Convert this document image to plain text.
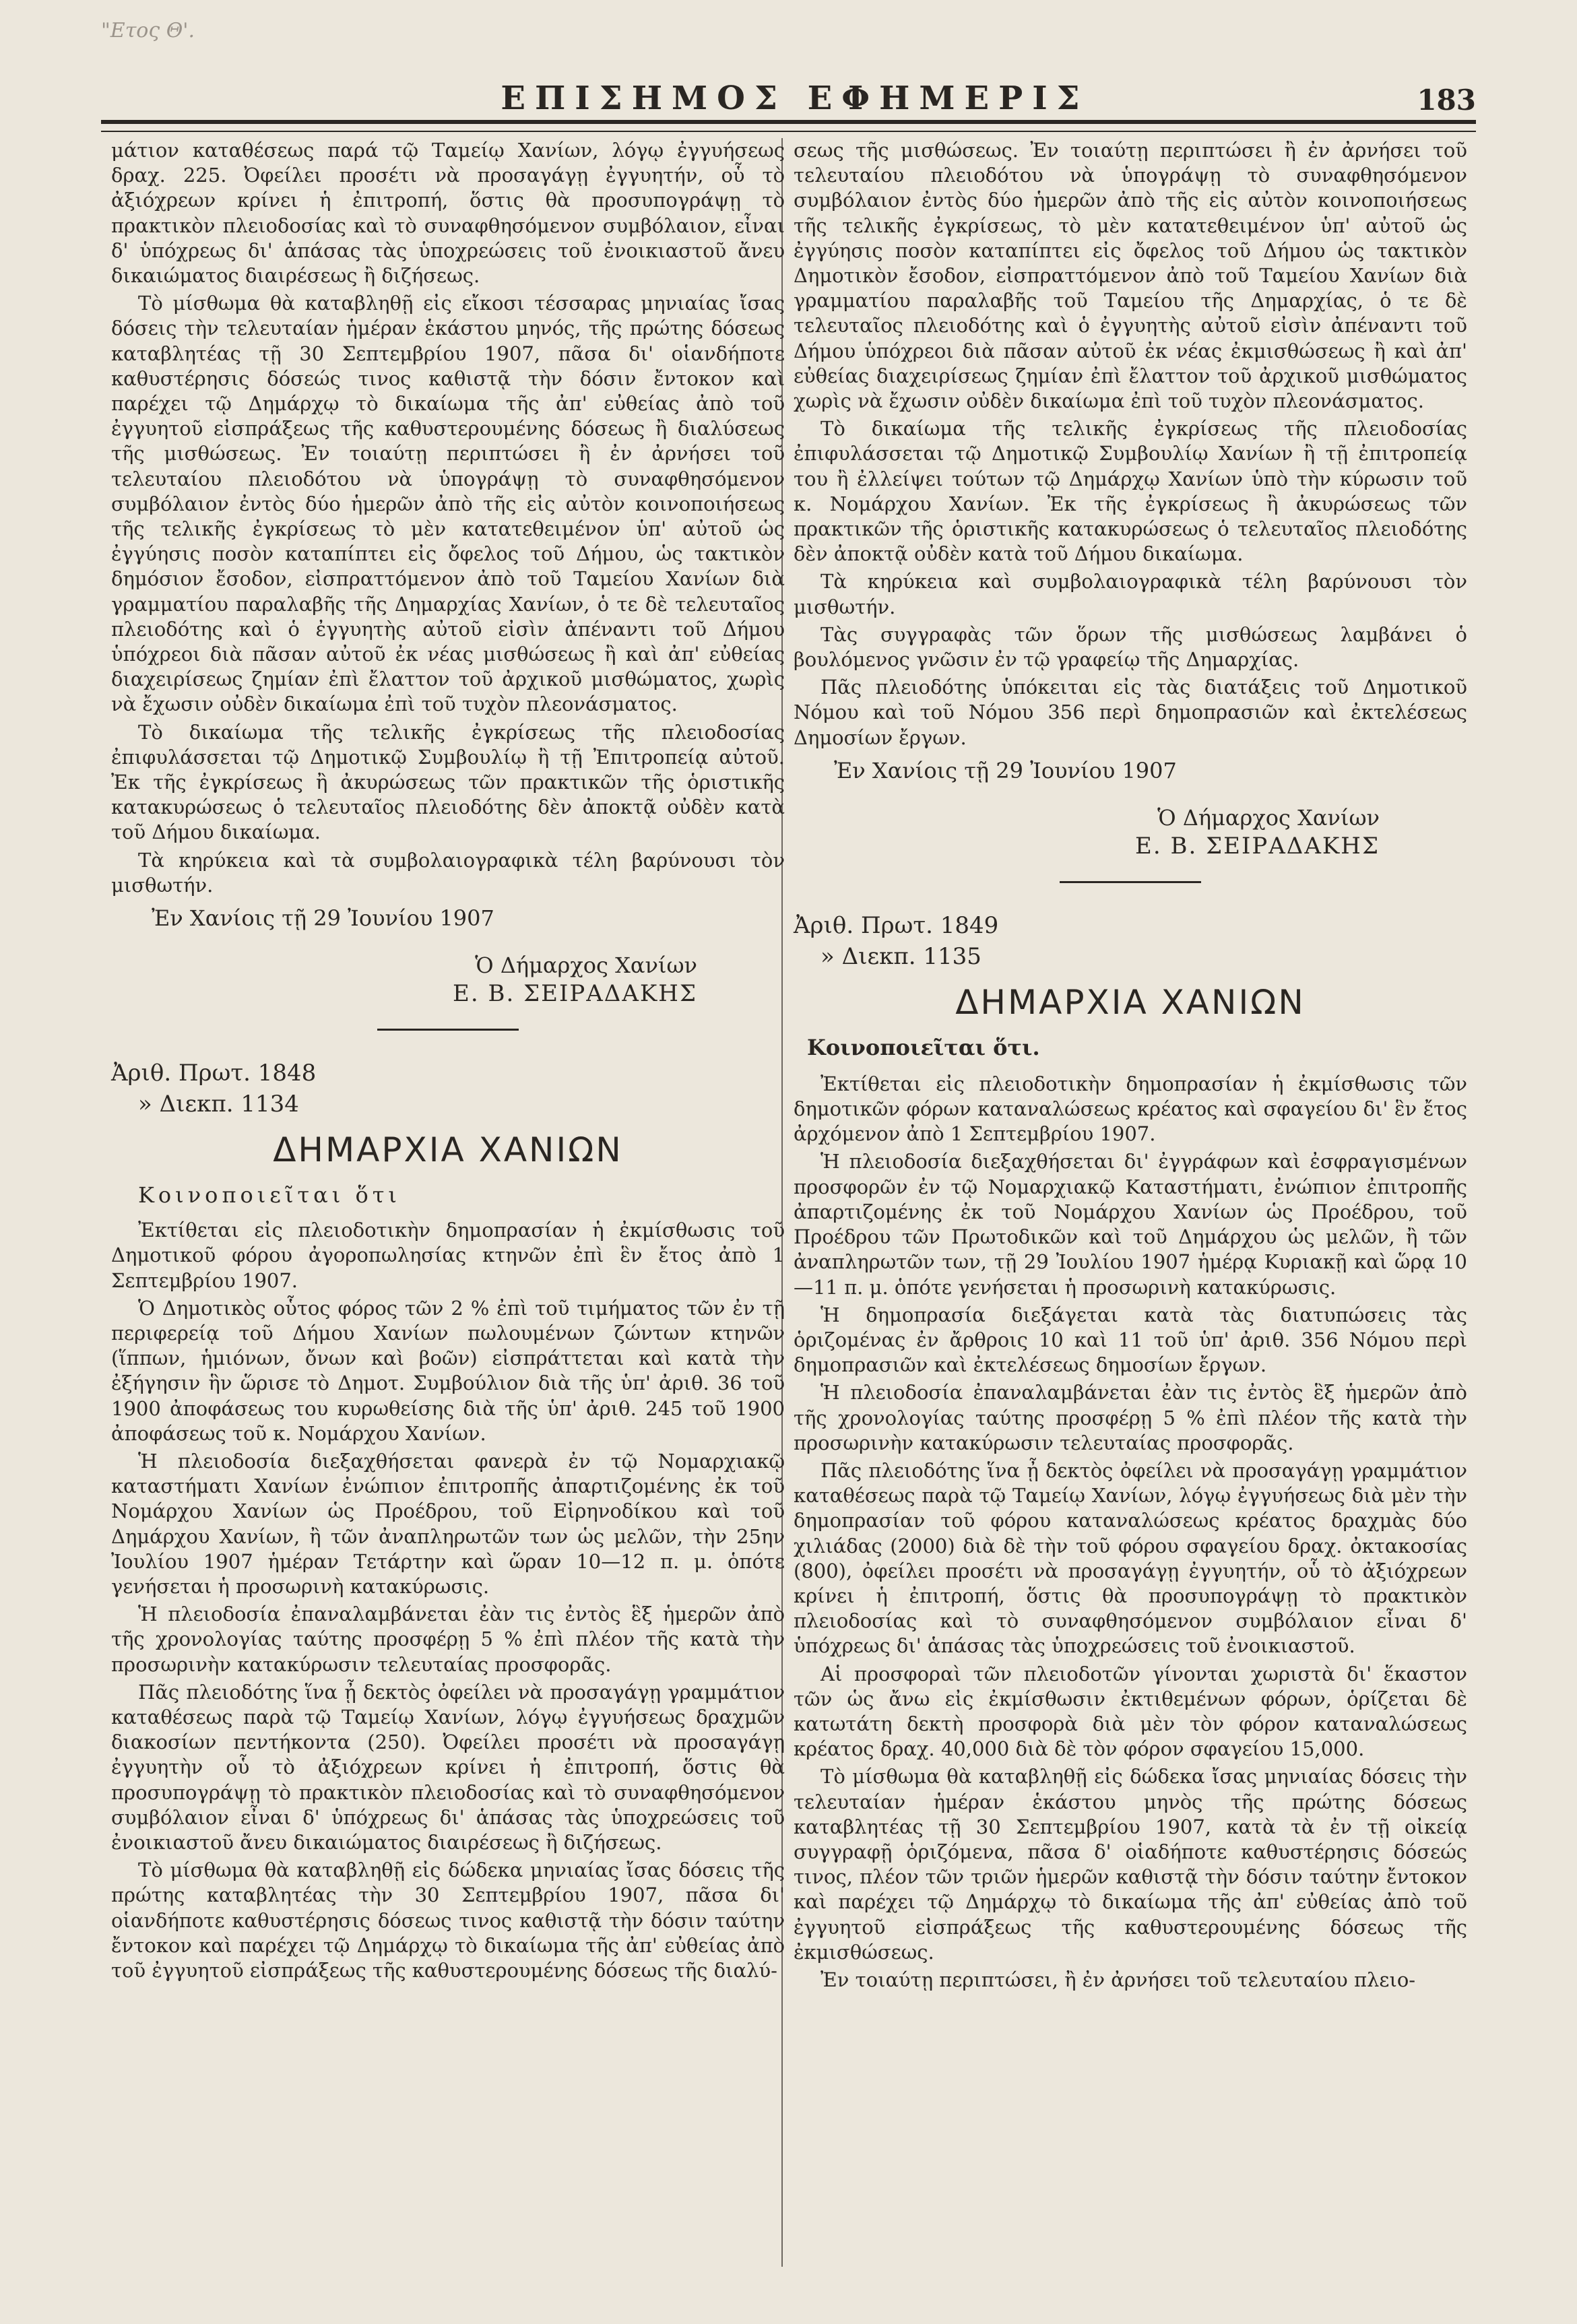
"Ετος Θ'.
ΕΠΙΣΗΜΟΣ ΕΦΗΜΕΡΙΣ	183

μάτιον καταθέσεως παρά τῷ Ταμείῳ Χανίων, λόγῳ ἐγγυήσεως δραχ. 225. Ὀφείλει προσέτι νὰ προσαγάγῃ ἐγγυητήν, οὗ τὸ ἀξιόχρεων κρίνει ἡ ἐπιτροπή, ὅστις θὰ προσυπογράψῃ τὸ πρακτικὸν πλειοδοσίας καὶ τὸ συναφθησόμενον συμβόλαιον, εἶναι δ' ὑπόχρεως δι' ἁπάσας τὰς ὑποχρεώσεις τοῦ ἐνοικιαστοῦ ἄνευ δικαιώματος διαιρέσεως ἢ διζήσεως.

Τὸ μίσθωμα θὰ καταβληθῇ εἰς εἴκοσι τέσσαρας μηνιαίας ἴσας δόσεις τὴν τελευταίαν ἡμέραν ἑκάστου μηνός, τῆς πρώτης δόσεως καταβλητέας τῇ 30 Σεπτεμβρίου 1907, πᾶσα δι' οἱανδήποτε καθυστέρησις δόσεώς τινος καθιστᾷ τὴν δόσιν ἔντοκον καὶ παρέχει τῷ Δημάρχῳ τὸ δικαίωμα τῆς ἀπ' εὐθείας ἀπὸ τοῦ ἐγγυητοῦ εἰσπράξεως τῆς καθυστερουμένης δόσεως ἢ διαλύσεως τῆς μισθώσεως. Ἐν τοιαύτῃ περιπτώσει ἢ ἐν ἀρνήσει τοῦ τελευταίου πλειοδότου νὰ ὑπογράψῃ τὸ συναφθησόμενον συμβόλαιον ἐντὸς δύο ἡμερῶν ἀπὸ τῆς εἰς αὐτὸν κοινοποιήσεως τῆς τελικῆς ἐγκρίσεως τὸ μὲν κατατεθειμένον ὑπ' αὐτοῦ ὡς ἐγγύησις ποσὸν καταπίπτει εἰς ὄφελος τοῦ Δήμου, ὡς τακτικὸν δημόσιον ἔσοδον, εἰσπραττόμενον ἀπὸ τοῦ Ταμείου Χανίων διὰ γραμματίου παραλαβῆς τῆς Δημαρχίας Χανίων, ὁ τε δὲ τελευταῖος πλειοδότης καὶ ὁ ἐγγυητὴς αὐτοῦ εἰσὶν ἀπέναντι τοῦ Δήμου ὑπόχρεοι διὰ πᾶσαν αὐτοῦ ἐκ νέας μισθώσεως ἢ καὶ ἀπ' εὐθείας διαχειρίσεως ζημίαν ἐπὶ ἔλαττον τοῦ ἀρχικοῦ μισθώματος, χωρὶς νὰ ἔχωσιν οὐδὲν δικαίωμα ἐπὶ τοῦ τυχὸν πλεονάσματος.

Τὸ δικαίωμα τῆς τελικῆς ἐγκρίσεως τῆς πλειοδοσίας ἐπιφυλάσσεται τῷ Δημοτικῷ Συμβουλίῳ ἢ τῇ Ἐπιτροπείᾳ αὐτοῦ. Ἐκ τῆς ἐγκρίσεως ἢ ἀκυρώσεως τῶν πρακτικῶν τῆς ὁριστικῆς κατακυρώσεως ὁ τελευταῖος πλειοδότης δὲν ἀποκτᾷ οὐδὲν κατὰ τοῦ Δήμου δικαίωμα.

Τὰ κηρύκεια καὶ τὰ συμβολαιογραφικὰ τέλη βαρύνουσι τὸν μισθωτήν.

Ἐν Χανίοις τῇ 29 Ἰουνίου 1907
Ὁ Δήμαρχος Χανίων
Ε. Β. ΣΕΙΡΑΔΑΚΗΣ
Ἀριθ. Πρωτ. 1848
» Διεκπ. 1134
ΔΗΜΑΡΧΙΑ ΧΑΝΙΩΝ
Κοινοποιεῖται ὅτι

Ἐκτίθεται εἰς πλειοδοτικὴν δημοπρασίαν ἡ ἐκμίσθωσις τοῦ Δημοτικοῦ φόρου ἀγοροπωλησίας κτηνῶν ἐπὶ ἓν ἔτος ἀπὸ 1 Σεπτεμβρίου 1907.

Ὁ Δημοτικὸς οὗτος φόρος τῶν 2 % ἐπὶ τοῦ τιμήματος τῶν ἐν τῇ περιφερείᾳ τοῦ Δήμου Χανίων πωλουμένων ζώντων κτηνῶν (ἵππων, ἡμιόνων, ὄνων καὶ βοῶν) εἰσπράττεται καὶ κατὰ τὴν ἐξήγησιν ἣν ὥρισε τὸ Δημοτ. Συμβούλιον διὰ τῆς ὑπ' ἀριθ. 36 τοῦ 1900 ἀποφάσεως του κυρωθείσης διὰ τῆς ὑπ' ἀριθ. 245 τοῦ 1900 ἀποφάσεως τοῦ κ. Νομάρχου Χανίων.

Ἡ πλειοδοσία διεξαχθήσεται φανερὰ ἐν τῷ Νομαρχιακῷ καταστήματι Χανίων ἐνώπιον ἐπιτροπῆς ἀπαρτιζομένης ἐκ τοῦ Νομάρχου Χανίων ὡς Προέδρου, τοῦ Εἰρηνοδίκου καὶ τοῦ Δημάρχου Χανίων, ἢ τῶν ἀναπληρωτῶν των ὡς μελῶν, τὴν 25ην Ἰουλίου 1907 ἡμέραν Τετάρτην καὶ ὥραν 10—12 π. μ. ὁπότε γενήσεται ἡ προσωρινὴ κατακύρωσις.

Ἡ πλειοδοσία ἐπαναλαμβάνεται ἐὰν τις ἐντὸς ἓξ ἡμερῶν ἀπὸ τῆς χρονολογίας ταύτης προσφέρῃ 5 % ἐπὶ πλέον τῆς κατὰ τὴν προσωρινὴν κατακύρωσιν τελευταίας προσφορᾶς.

Πᾶς πλειοδότης ἵνα ᾖ δεκτὸς ὀφείλει νὰ προσαγάγῃ γραμμάτιον καταθέσεως παρὰ τῷ Ταμείῳ Χανίων, λόγῳ ἐγγυήσεως δραχμῶν διακοσίων πεντήκοντα (250). Ὀφείλει προσέτι νὰ προσαγάγῃ ἐγγυητὴν οὗ τὸ ἀξιόχρεων κρίνει ἡ ἐπιτροπή, ὅστις θὰ προσυπογράψῃ τὸ πρακτικὸν πλειοδοσίας καὶ τὸ συναφθησόμενον συμβόλαιον εἶναι δ' ὑπόχρεως δι' ἁπάσας τὰς ὑποχρεώσεις τοῦ ἐνοικιαστοῦ ἄνευ δικαιώματος διαιρέσεως ἢ διζήσεως.

Τὸ μίσθωμα θὰ καταβληθῇ εἰς δώδεκα μηνιαίας ἴσας δόσεις τῆς πρώτης καταβλητέας τὴν 30 Σεπτεμβρίου 1907, πᾶσα δι' οἱανδήποτε καθυστέρησις δόσεως τινος καθιστᾷ τὴν δόσιν ταύτην ἔντοκον καὶ παρέχει τῷ Δημάρχῳ τὸ δικαίωμα τῆς ἀπ' εὐθείας ἀπὸ τοῦ ἐγγυητοῦ εἰσπράξεως τῆς καθυστερουμένης δόσεως τῆς διαλύ-

σεως τῆς μισθώσεως. Ἐν τοιαύτῃ περιπτώσει ἢ ἐν ἀρνήσει τοῦ τελευταίου πλειοδότου νὰ ὑπογράψῃ τὸ συναφθησόμενον συμβόλαιον ἐντὸς δύο ἡμερῶν ἀπὸ τῆς εἰς αὐτὸν κοινοποιήσεως τῆς τελικῆς ἐγκρίσεως, τὸ μὲν κατατεθειμένον ὑπ' αὐτοῦ ὡς ἐγγύησις ποσὸν καταπίπτει εἰς ὄφελος τοῦ Δήμου ὡς τακτικὸν Δημοτικὸν ἔσοδον, εἰσπραττόμενον ἀπὸ τοῦ Ταμείου Χανίων διὰ γραμματίου παραλαβῆς τοῦ Ταμείου τῆς Δημαρχίας, ὁ τε δὲ τελευταῖος πλειοδότης καὶ ὁ ἐγγυητὴς αὐτοῦ εἰσὶν ἀπέναντι τοῦ Δήμου ὑπόχρεοι διὰ πᾶσαν αὐτοῦ ἐκ νέας ἐκμισθώσεως ἢ καὶ ἀπ' εὐθείας διαχειρίσεως ζημίαν ἐπὶ ἔλαττον τοῦ ἀρχικοῦ μισθώματος χωρὶς νὰ ἔχωσιν οὐδὲν δικαίωμα ἐπὶ τοῦ τυχὸν πλεονάσματος.

Τὸ δικαίωμα τῆς τελικῆς ἐγκρίσεως τῆς πλειοδοσίας ἐπιφυλάσσεται τῷ Δημοτικῷ Συμβουλίῳ Χανίων ἢ τῇ ἐπιτροπείᾳ του ἢ ἐλλείψει τούτων τῷ Δημάρχῳ Χανίων ὑπὸ τὴν κύρωσιν τοῦ κ. Νομάρχου Χανίων. Ἐκ τῆς ἐγκρίσεως ἢ ἀκυρώσεως τῶν πρακτικῶν τῆς ὁριστικῆς κατακυρώσεως ὁ τελευταῖος πλειοδότης δὲν ἀποκτᾷ οὐδὲν κατὰ τοῦ Δήμου δικαίωμα.

Τὰ κηρύκεια καὶ συμβολαιογραφικὰ τέλη βαρύνουσι τὸν μισθωτήν.

Τὰς συγγραφὰς τῶν ὅρων τῆς μισθώσεως λαμβάνει ὁ βουλόμενος γνῶσιν ἐν τῷ γραφείῳ τῆς Δημαρχίας.

Πᾶς πλειοδότης ὑπόκειται εἰς τὰς διατάξεις τοῦ Δημοτικοῦ Νόμου καὶ τοῦ Νόμου 356 περὶ δημοπρασιῶν καὶ ἐκτελέσεως Δημοσίων ἔργων.

Ἐν Χανίοις τῇ 29 Ἰουνίου 1907
Ὁ Δήμαρχος Χανίων
Ε. Β. ΣΕΙΡΑΔΑΚΗΣ
Ἀριθ. Πρωτ. 1849
» Διεκπ. 1135
ΔΗΜΑΡΧΙΑ ΧΑΝΙΩΝ
Κοινοποιεῖται ὅτι.

Ἐκτίθεται εἰς πλειοδοτικὴν δημοπρασίαν ἡ ἐκμίσθωσις τῶν δημοτικῶν φόρων καταναλώσεως κρέατος καὶ σφαγείου δι' ἓν ἔτος ἀρχόμενον ἀπὸ 1 Σεπτεμβρίου 1907.

Ἡ πλειοδοσία διεξαχθήσεται δι' ἐγγράφων καὶ ἐσφραγισμένων προσφορῶν ἐν τῷ Νομαρχιακῷ Καταστήματι, ἐνώπιον ἐπιτροπῆς ἀπαρτιζομένης ἐκ τοῦ Νομάρχου Χανίων ὡς Προέδρου, τοῦ Προέδρου τῶν Πρωτοδικῶν καὶ τοῦ Δημάρχου ὡς μελῶν, ἢ τῶν ἀναπληρωτῶν των, τῇ 29 Ἰουλίου 1907 ἡμέρᾳ Κυριακῇ καὶ ὥρᾳ 10—11 π. μ. ὁπότε γενήσεται ἡ προσωρινὴ κατακύρωσις.

Ἡ δημοπρασία διεξάγεται κατὰ τὰς διατυπώσεις τὰς ὁριζομένας ἐν ἄρθροις 10 καὶ 11 τοῦ ὑπ' ἀριθ. 356 Νόμου περὶ δημοπρασιῶν καὶ ἐκτελέσεως δημοσίων ἔργων.

Ἡ πλειοδοσία ἐπαναλαμβάνεται ἐὰν τις ἐντὸς ἓξ ἡμερῶν ἀπὸ τῆς χρονολογίας ταύτης προσφέρῃ 5 % ἐπὶ πλέον τῆς κατὰ τὴν προσωρινὴν κατακύρωσιν τελευταίας προσφορᾶς.

Πᾶς πλειοδότης ἵνα ᾖ δεκτὸς ὀφείλει νὰ προσαγάγῃ γραμμάτιον καταθέσεως παρὰ τῷ Ταμείῳ Χανίων, λόγῳ ἐγγυήσεως διὰ μὲν τὴν δημοπρασίαν τοῦ φόρου καταναλώσεως κρέατος δραχμὰς δύο χιλιάδας (2000) διὰ δὲ τὴν τοῦ φόρου σφαγείου δραχ. ὀκτακοσίας (800), ὀφείλει προσέτι νὰ προσαγάγῃ ἐγγυητήν, οὗ τὸ ἀξιόχρεων κρίνει ἡ ἐπιτροπή, ὅστις θὰ προσυπογράψῃ τὸ πρακτικὸν πλειοδοσίας καὶ τὸ συναφθησόμενον συμβόλαιον εἶναι δ' ὑπόχρεως δι' ἁπάσας τὰς ὑποχρεώσεις τοῦ ἐνοικιαστοῦ.

Αἱ προσφοραὶ τῶν πλειοδοτῶν γίνονται χωριστὰ δι' ἕκαστον τῶν ὡς ἄνω εἰς ἐκμίσθωσιν ἐκτιθεμένων φόρων, ὁρίζεται δὲ κατωτάτη δεκτὴ προσφορὰ διὰ μὲν τὸν φόρον καταναλώσεως κρέατος δραχ. 40,000 διὰ δὲ τὸν φόρον σφαγείου 15,000.

Τὸ μίσθωμα θὰ καταβληθῇ εἰς δώδεκα ἴσας μηνιαίας δόσεις τὴν τελευταίαν ἡμέραν ἑκάστου μηνὸς τῆς πρώτης δόσεως καταβλητέας τῇ 30 Σεπτεμβρίου 1907, κατὰ τὰ ἐν τῇ οἰκείᾳ συγγραφῇ ὁριζόμενα, πᾶσα δ' οἱαδήποτε καθυστέρησις δόσεώς τινος, πλέον τῶν τριῶν ἡμερῶν καθιστᾷ τὴν δόσιν ταύτην ἔντοκον καὶ παρέχει τῷ Δημάρχῳ τὸ δικαίωμα τῆς ἀπ' εὐθείας ἀπὸ τοῦ ἐγγυητοῦ εἰσπράξεως τῆς καθυστερουμένης δόσεως τῆς ἐκμισθώσεως.

Ἐν τοιαύτῃ περιπτώσει, ἢ ἐν ἀρνήσει τοῦ τελευταίου πλειο-
